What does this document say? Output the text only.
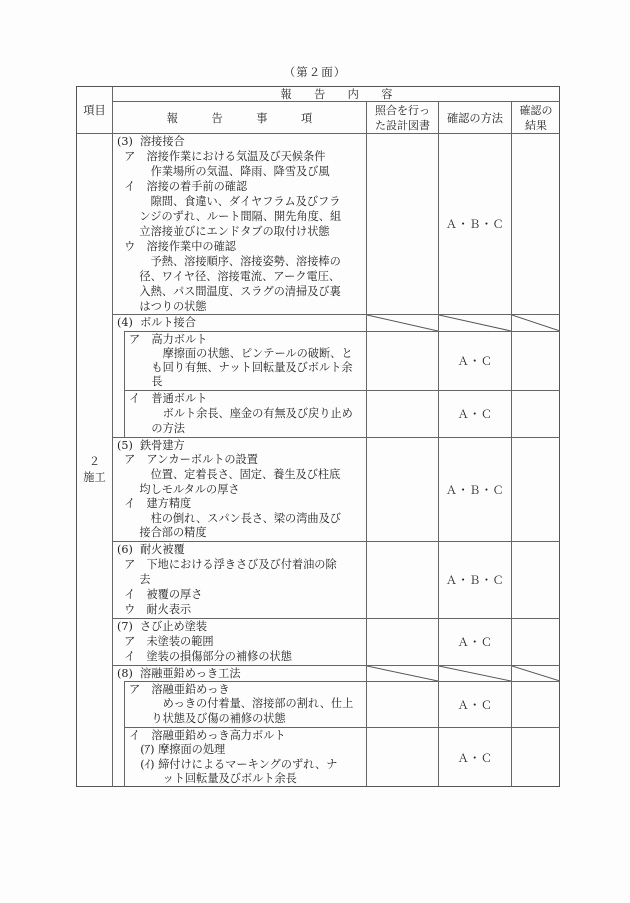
（第２面）
項目
報　　告　　内　　容
報　　　告　　　事　　　項
照合を行っ
た設計図書
確認の方法
確認の
結果
２
施工
(3)  溶接接合
ア　溶接作業における気温及び天候条件
　　　作業場所の気温、降雨、降雪及び風
イ　溶接の着手前の確認
　　　隙間、食違い、ダイヤフラム及びフラ
　　ンジのずれ、ルート間隔、開先角度、組
　　立溶接並びにエンドタブの取付け状態
ウ　溶接作業中の確認
　　　予熱、溶接順序、溶接姿勢、溶接棒の
　　径、ワイヤ径、溶接電流、アーク電圧、
　　入熱、パス間温度、スラグの清掃及び裏
　　はつりの状態
Ａ・Ｂ・Ｃ
(4)  ボルト接合
ア　高力ボルト
　　　摩擦面の状態、ピンテールの破断、と
　　も回り有無、ナット回転量及びボルト余
　　長
Ａ・Ｃ
イ　普通ボルト
　　　ボルト余長、座金の有無及び戻り止め
　　の方法
Ａ・Ｃ
(5)  鉄骨建方
ア　アンカーボルトの設置
　　　位置、定着長さ、固定、養生及び柱底
　　均しモルタルの厚さ
イ　建方精度
　　　柱の倒れ、スパン長さ、梁の湾曲及び
　　接合部の精度
Ａ・Ｂ・Ｃ
(6)  耐火被覆
ア　下地における浮きさび及び付着油の除
　　去
イ　被覆の厚さ
ウ　耐火表示
Ａ・Ｂ・Ｃ
(7)  さび止め塗装
ア　未塗装の範囲
イ　塗装の損傷部分の補修の状態
Ａ・Ｃ
(8)  溶融亜鉛めっき工法
ア　溶融亜鉛めっき
　　　めっきの付着量、溶接部の割れ、仕上
　　り状態及び傷の補修の状態
Ａ・Ｃ
イ　溶融亜鉛めっき高力ボルト
　(ｱ) 摩擦面の処理
　(ｲ) 締付けによるマーキングのずれ、ナ
　　　ット回転量及びボルト余長
Ａ・Ｃ
